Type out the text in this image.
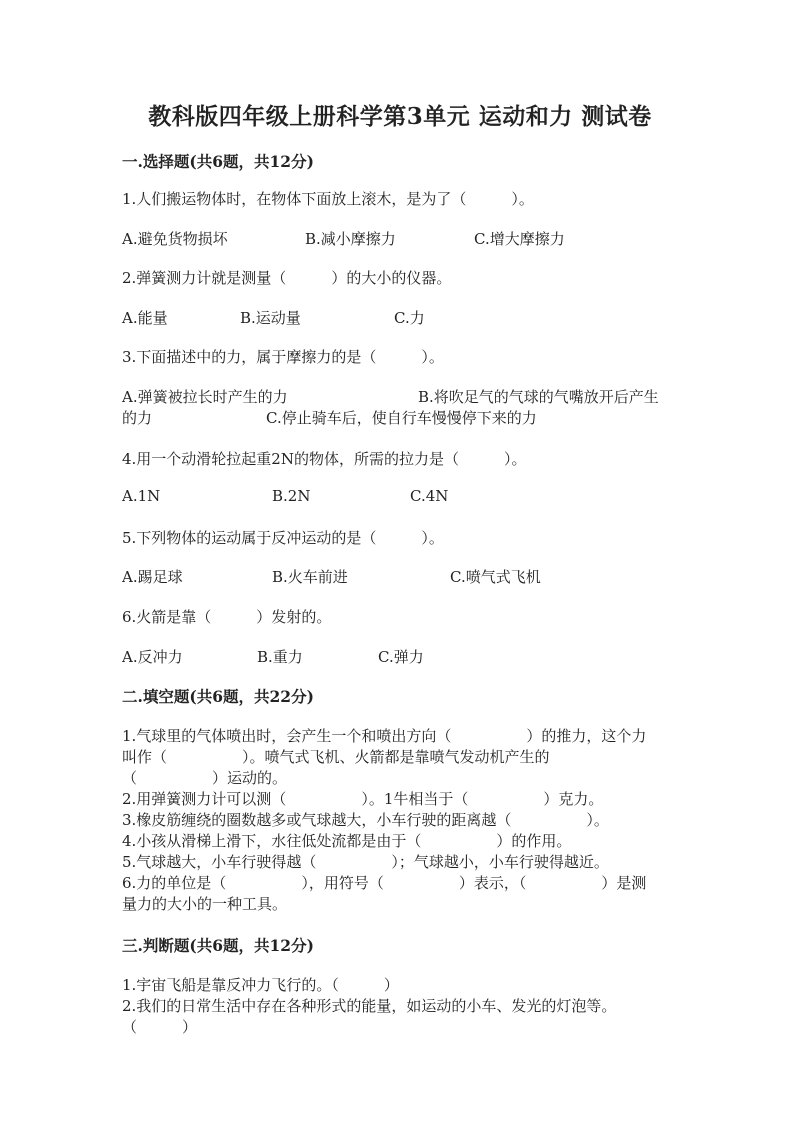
教科版四年级上册科学第3单元 运动和力 测试卷
一.选择题(共6题，共12分)
1.人们搬运物体时，在物体下面放上滚木，是为了（　　　）。
A.避免货物损坏	B.减小摩擦力	C.增大摩擦力
2.弹簧测力计就是测量（　　　）的大小的仪器。
A.能量	B.运动量	C.力
3.下面描述中的力，属于摩擦力的是（　　　）。
A.弹簧被拉长时产生的力	B.将吹足气的气球的气嘴放开后产生
的力	C.停止骑车后，使自行车慢慢停下来的力
4.用一个动滑轮拉起重2N的物体，所需的拉力是（　　　）。
A.1N	B.2N	C.4N
5.下列物体的运动属于反冲运动的是（　　　）。
A.踢足球	B.火车前进	C.喷气式飞机
6.火箭是靠（　　　）发射的。
A.反冲力	B.重力	C.弹力
二.填空题(共6题，共22分)
1.气球里的气体喷出时，会产生一个和喷出方向（　　　　　）的推力，这个力
叫作（　　　　　）。喷气式飞机、火箭都是靠喷气发动机产生的
（　　　　　）运动的。
2.用弹簧测力计可以测（　　　　　）。1牛相当于（　　　　　）克力。
3.橡皮筋缠绕的圈数越多或气球越大，小车行驶的距离越（　　　　　）。
4.小孩从滑梯上滑下，水往低处流都是由于（　　　　　）的作用。
5.气球越大，小车行驶得越（　　　　　）；气球越小，小车行驶得越近。
6.力的单位是（　　　　　），用符号（　　　　　）表示，（　　　　　）是测
量力的大小的一种工具。
三.判断题(共6题，共12分)
1.宇宙飞船是靠反冲力飞行的。（　　　）
2.我们的日常生活中存在各种形式的能量，如运动的小车、发光的灯泡等。
（　　　）
